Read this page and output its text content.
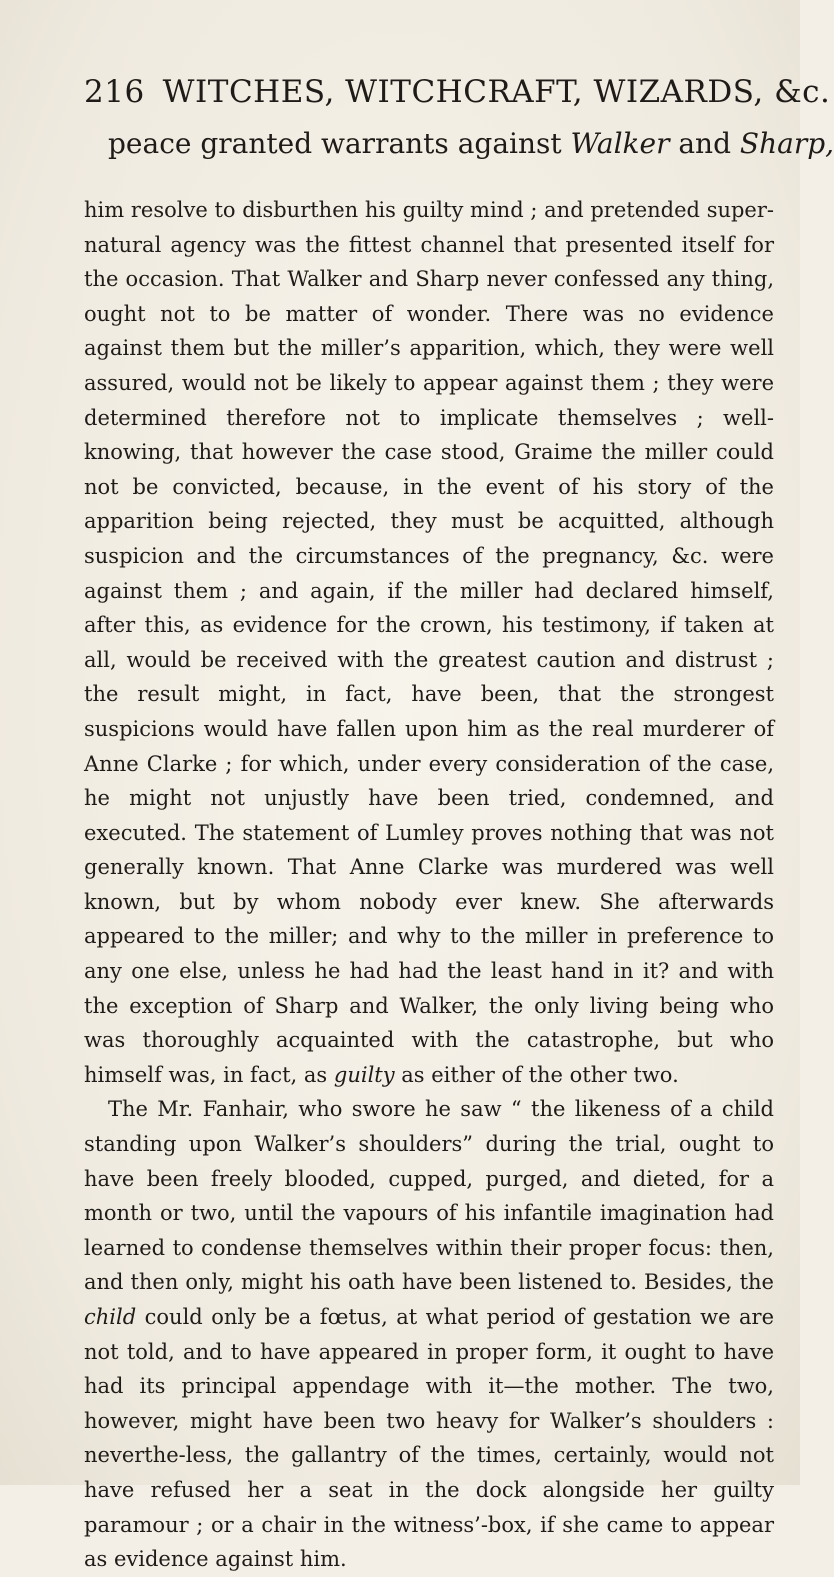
216 WITCHES, WITCHCRAFT, WIZARDS, &c.
peace granted warrants against Walker and Sharp,

him resolve to disburthen his guilty mind ; and pretended super-natural agency was the fittest channel that presented itself for the occasion. That Walker and Sharp never confessed any thing, ought not to be matter of wonder. There was no evidence against them but the miller’s apparition, which, they were well assured, would not be likely to appear against them ; they were determined therefore not to implicate themselves ; well-knowing, that however the case stood, Graime the miller could not be convicted, because, in the event of his story of the apparition being rejected, they must be acquitted, although suspicion and the circumstances of the pregnancy, &c. were against them ; and again, if the miller had declared himself, after this, as evidence for the crown, his testimony, if taken at all, would be received with the greatest caution and distrust ; the result might, in fact, have been, that the strongest suspicions would have fallen upon him as the real murderer of Anne Clarke ; for which, under every consideration of the case, he might not unjustly have been tried, condemned, and executed. The statement of Lumley proves nothing that was not generally known. That Anne Clarke was murdered was well known, but by whom nobody ever knew. She afterwards appeared to the miller; and why to the miller in preference to any one else, unless he had had the least hand in it? and with the exception of Sharp and Walker, the only living being who was thoroughly acquainted with the catastrophe, but who himself was, in fact, as guilty as either of the other two.

The Mr. Fanhair, who swore he saw “ the likeness of a child standing upon Walker’s shoulders” during the trial, ought to have been freely blooded, cupped, purged, and dieted, for a month or two, until the vapours of his infantile imagination had learned to condense themselves within their proper focus: then, and then only, might his oath have been listened to. Besides, the child could only be a fœtus, at what period of gestation we are not told, and to have appeared in proper form, it ought to have had its principal appendage with it—the mother. The two, however, might have been two heavy for Walker’s shoulders : neverthe-less, the gallantry of the times, certainly, would not have refused her a seat in the dock alongside her guilty paramour ; or a chair in the witness’-box, if she came to appear as evidence against him.
